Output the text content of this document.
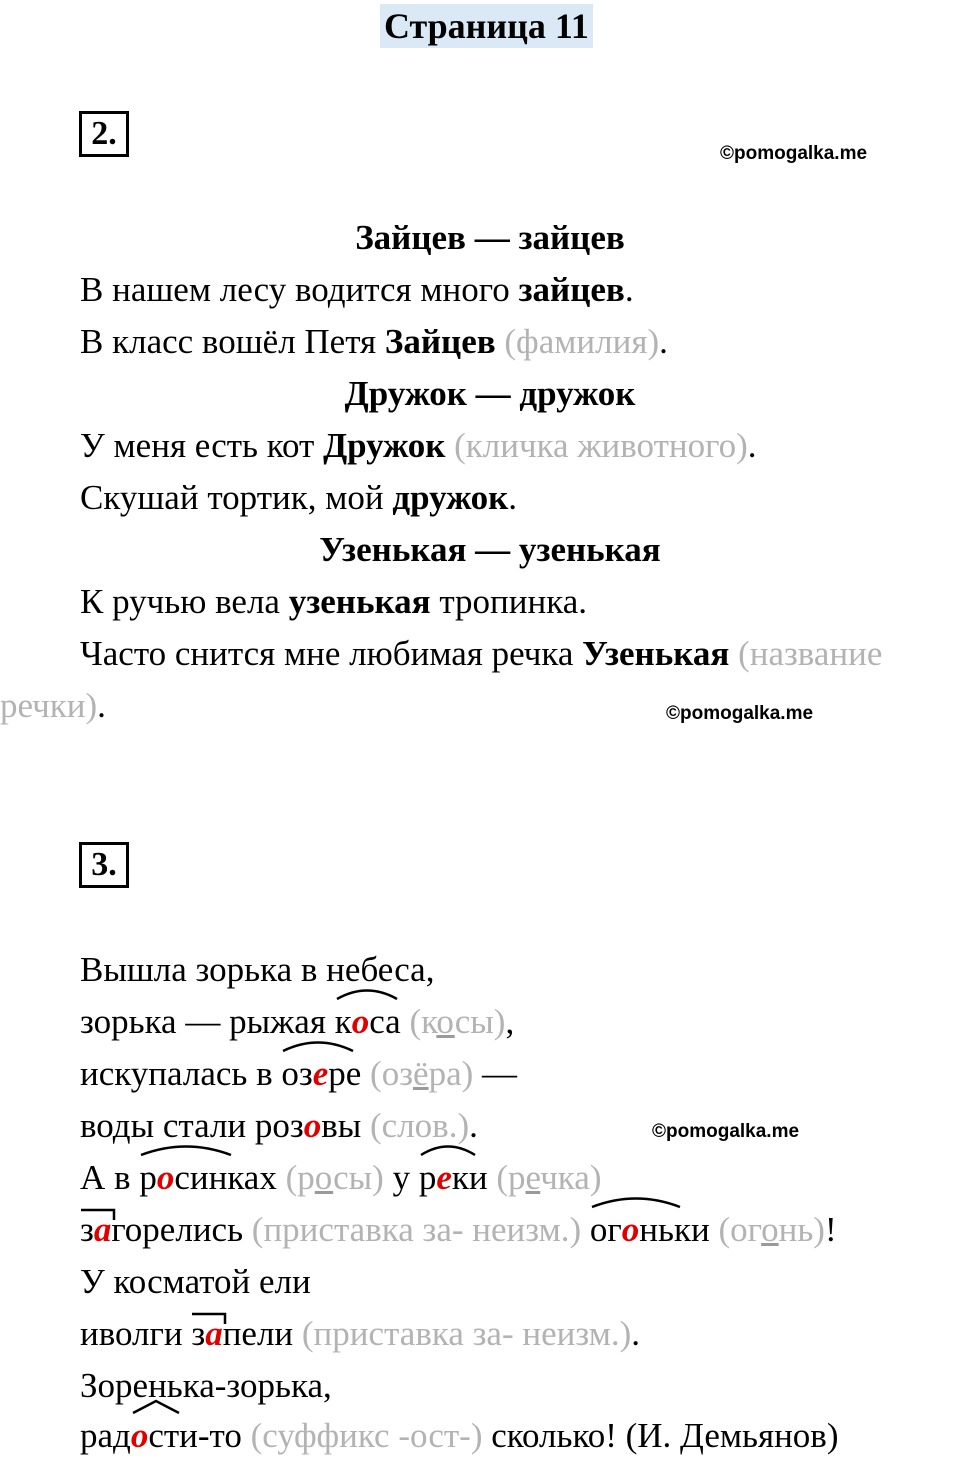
Страница 11
2.
©pomogalka.me
Зайцев — зайцев
В нашем лесу водится много зайцев.
В класс вошёл Петя Зайцев (фамилия).
Дружок — дружок
У меня есть кот Дружок (кличка животного).
Скушай тортик, мой дружок.
Узенькая — узенькая
К ручью вела узенькая тропинка.
Часто снится мне любимая речка Узенькая (название
речки).	©pomogalka.me
3.
Вышла зорька в небеса,
зорька — рыжая
коса (косы),
искупалась в
озере (озёра) —
воды стали розовы (слов.).	©pomogalka.me
А в
росинках (росы) у
реки (речка)
загорелись (приставка за- неизм.) огоньки (огонь)!
У косматой ели
иволги
запели (приставка за- неизм.).
Зоренька-зорька,
рад
ости-то (суффикс -ост-) сколько! (И. Демьянов)
